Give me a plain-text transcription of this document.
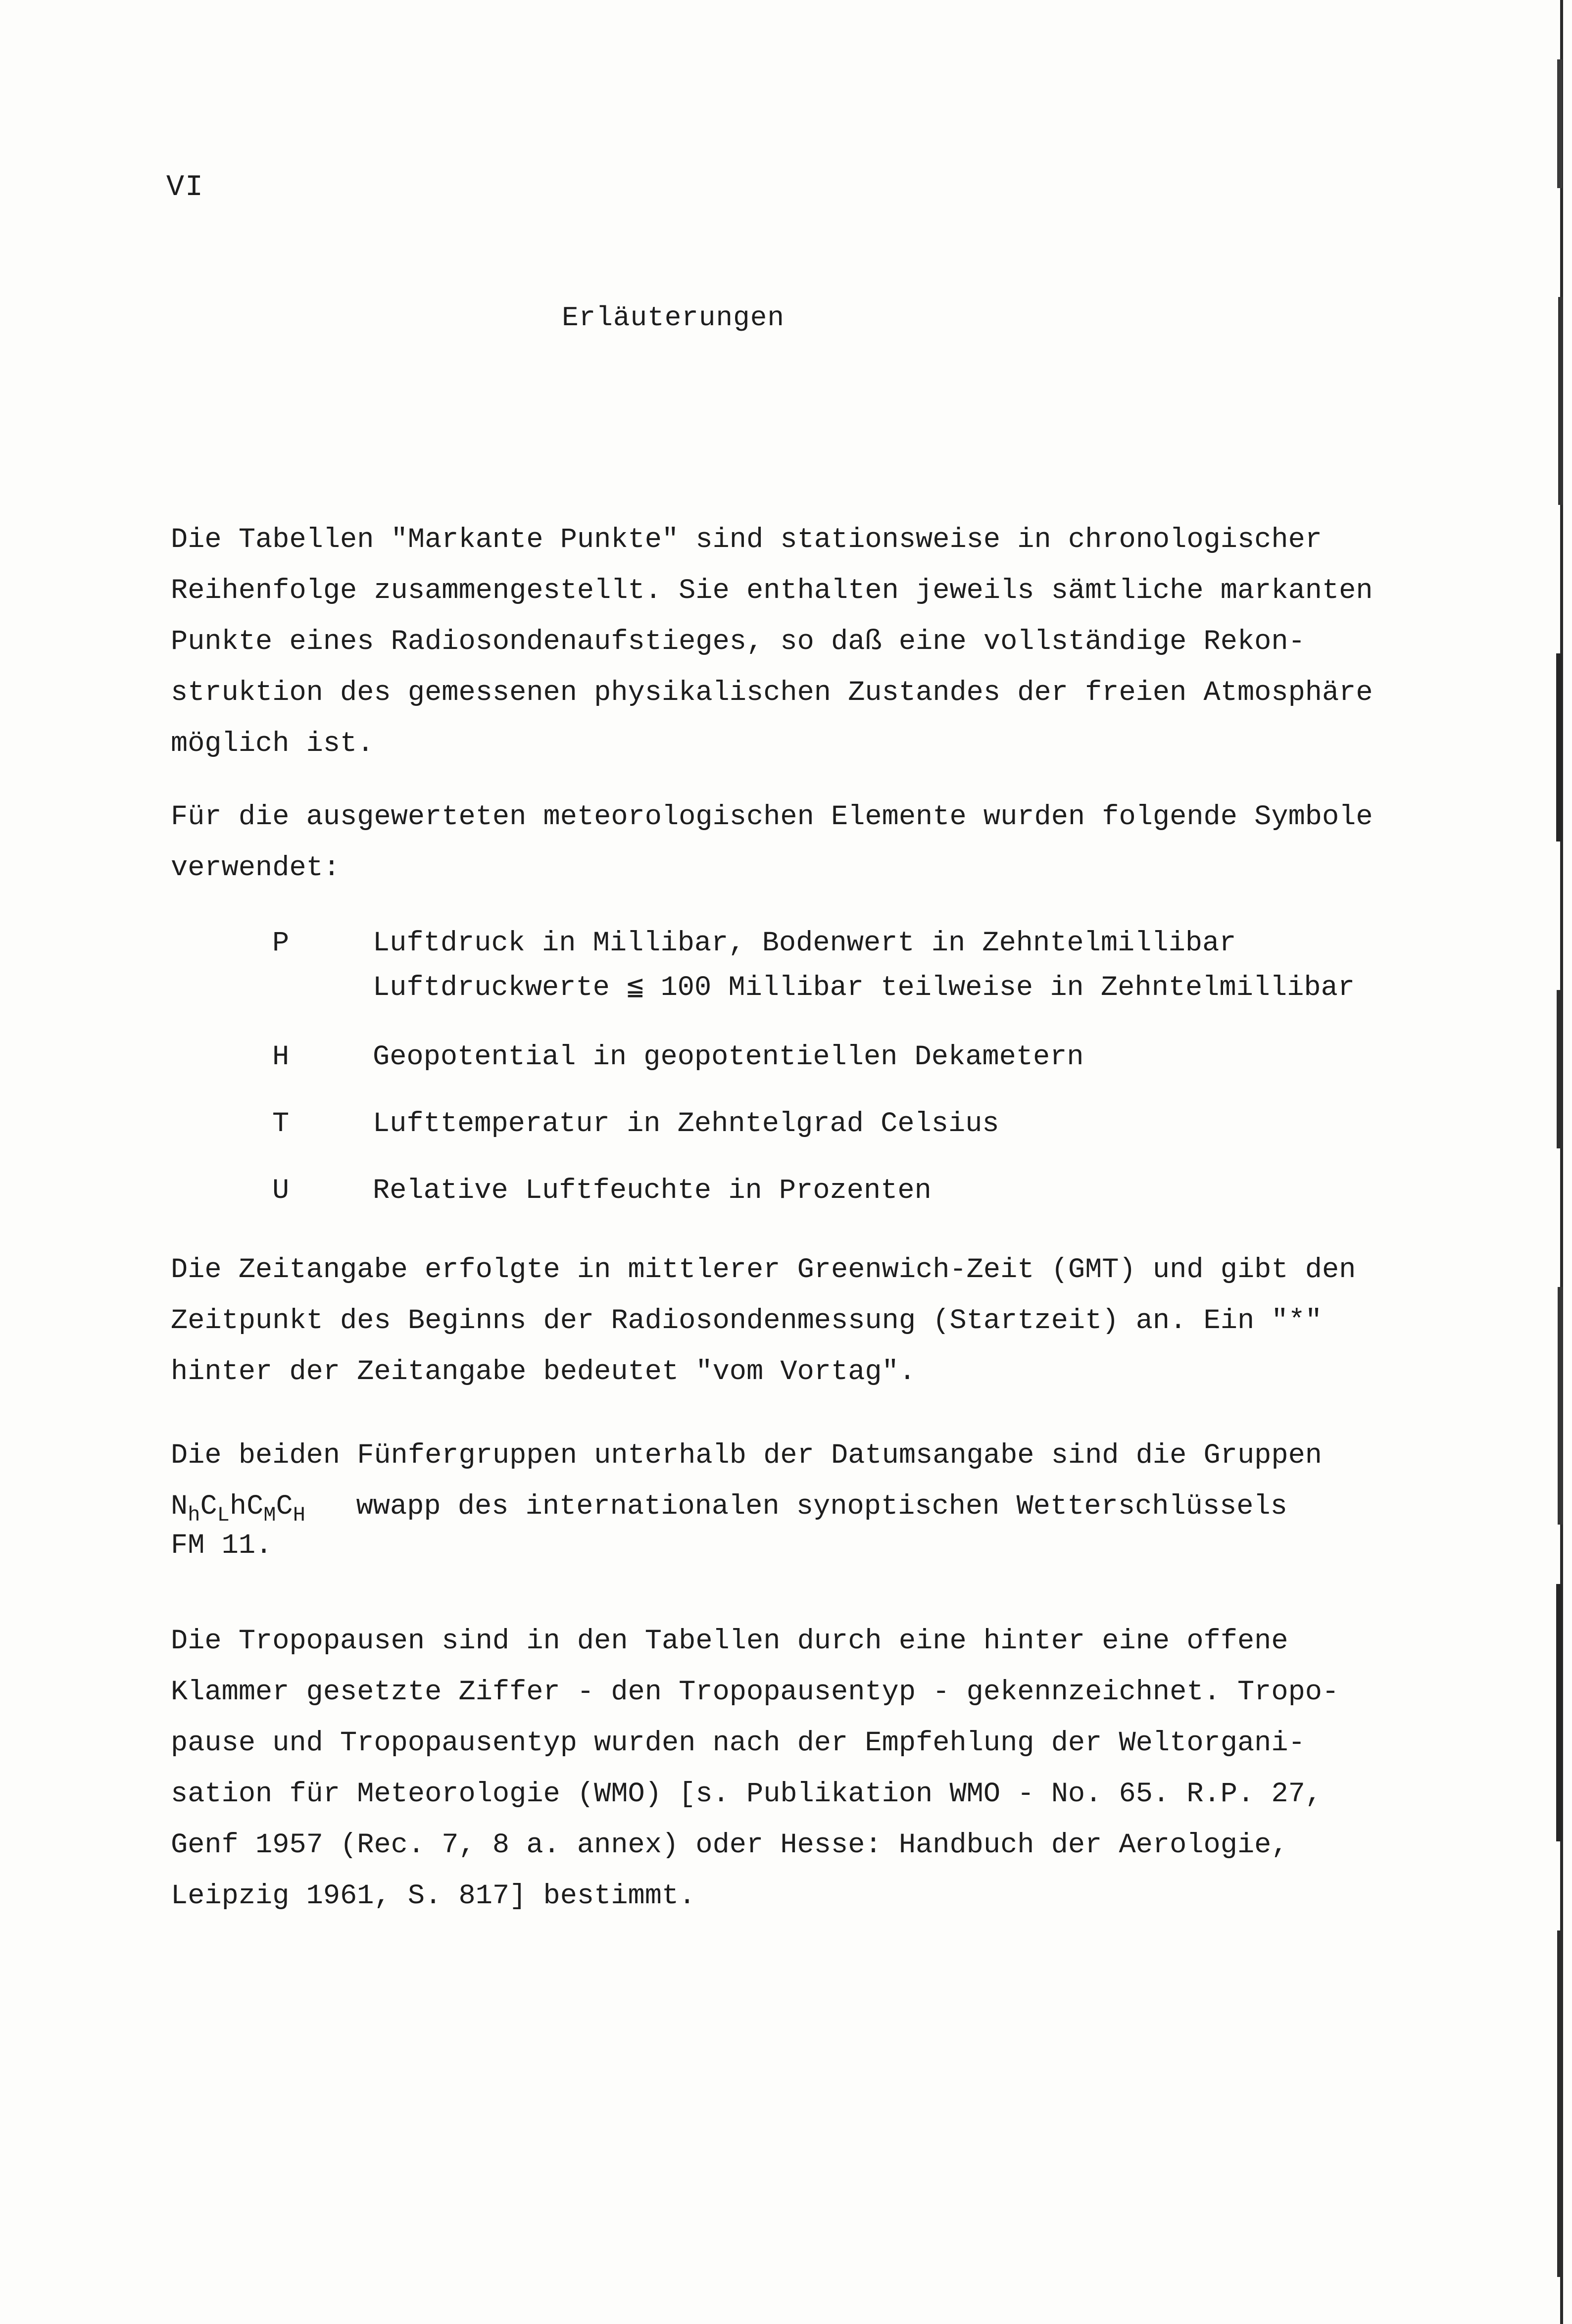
VI
Erläuterungen
Die Tabellen "Markante Punkte" sind stationsweise in chronologischer
Reihenfolge zusammengestellt. Sie enthalten jeweils sämtliche markanten
Punkte eines Radiosondenaufstieges, so daß eine vollständige Rekon-
struktion des gemessenen physikalischen Zustandes der freien Atmosphäre
möglich ist.
Für die ausgewerteten meteorologischen Elemente wurden folgende Symbole
verwendet:
P	Luftdruck in Millibar, Bodenwert in Zehntelmillibar
Luftdruckwerte ≦ 100 Millibar teilweise in Zehntelmillibar
H	Geopotential in geopotentiellen Dekametern
T	Lufttemperatur in Zehntelgrad Celsius
U	Relative Luftfeuchte in Prozenten
Die Zeitangabe erfolgte in mittlerer Greenwich-Zeit (GMT) und gibt den
Zeitpunkt des Beginns der Radiosondenmessung (Startzeit) an. Ein "*"
hinter der Zeitangabe bedeutet "vom Vortag".
Die beiden Fünfergruppen unterhalb der Datumsangabe sind die Gruppen
$N_hC_LhC_MC_H$ wwapp des internationalen synoptischen Wetterschlüssels
FM 11.
Die Tropopausen sind in den Tabellen durch eine hinter eine offene
Klammer gesetzte Ziffer - den Tropopausentyp - gekennzeichnet. Tropo-
pause und Tropopausentyp wurden nach der Empfehlung der Weltorgani-
sation für Meteorologie (WMO) [s. Publikation WMO - No. 65. R.P. 27,
Genf 1957 (Rec. 7, 8 a. annex) oder Hesse: Handbuch der Aerologie,
Leipzig 1961, S. 817] bestimmt.
